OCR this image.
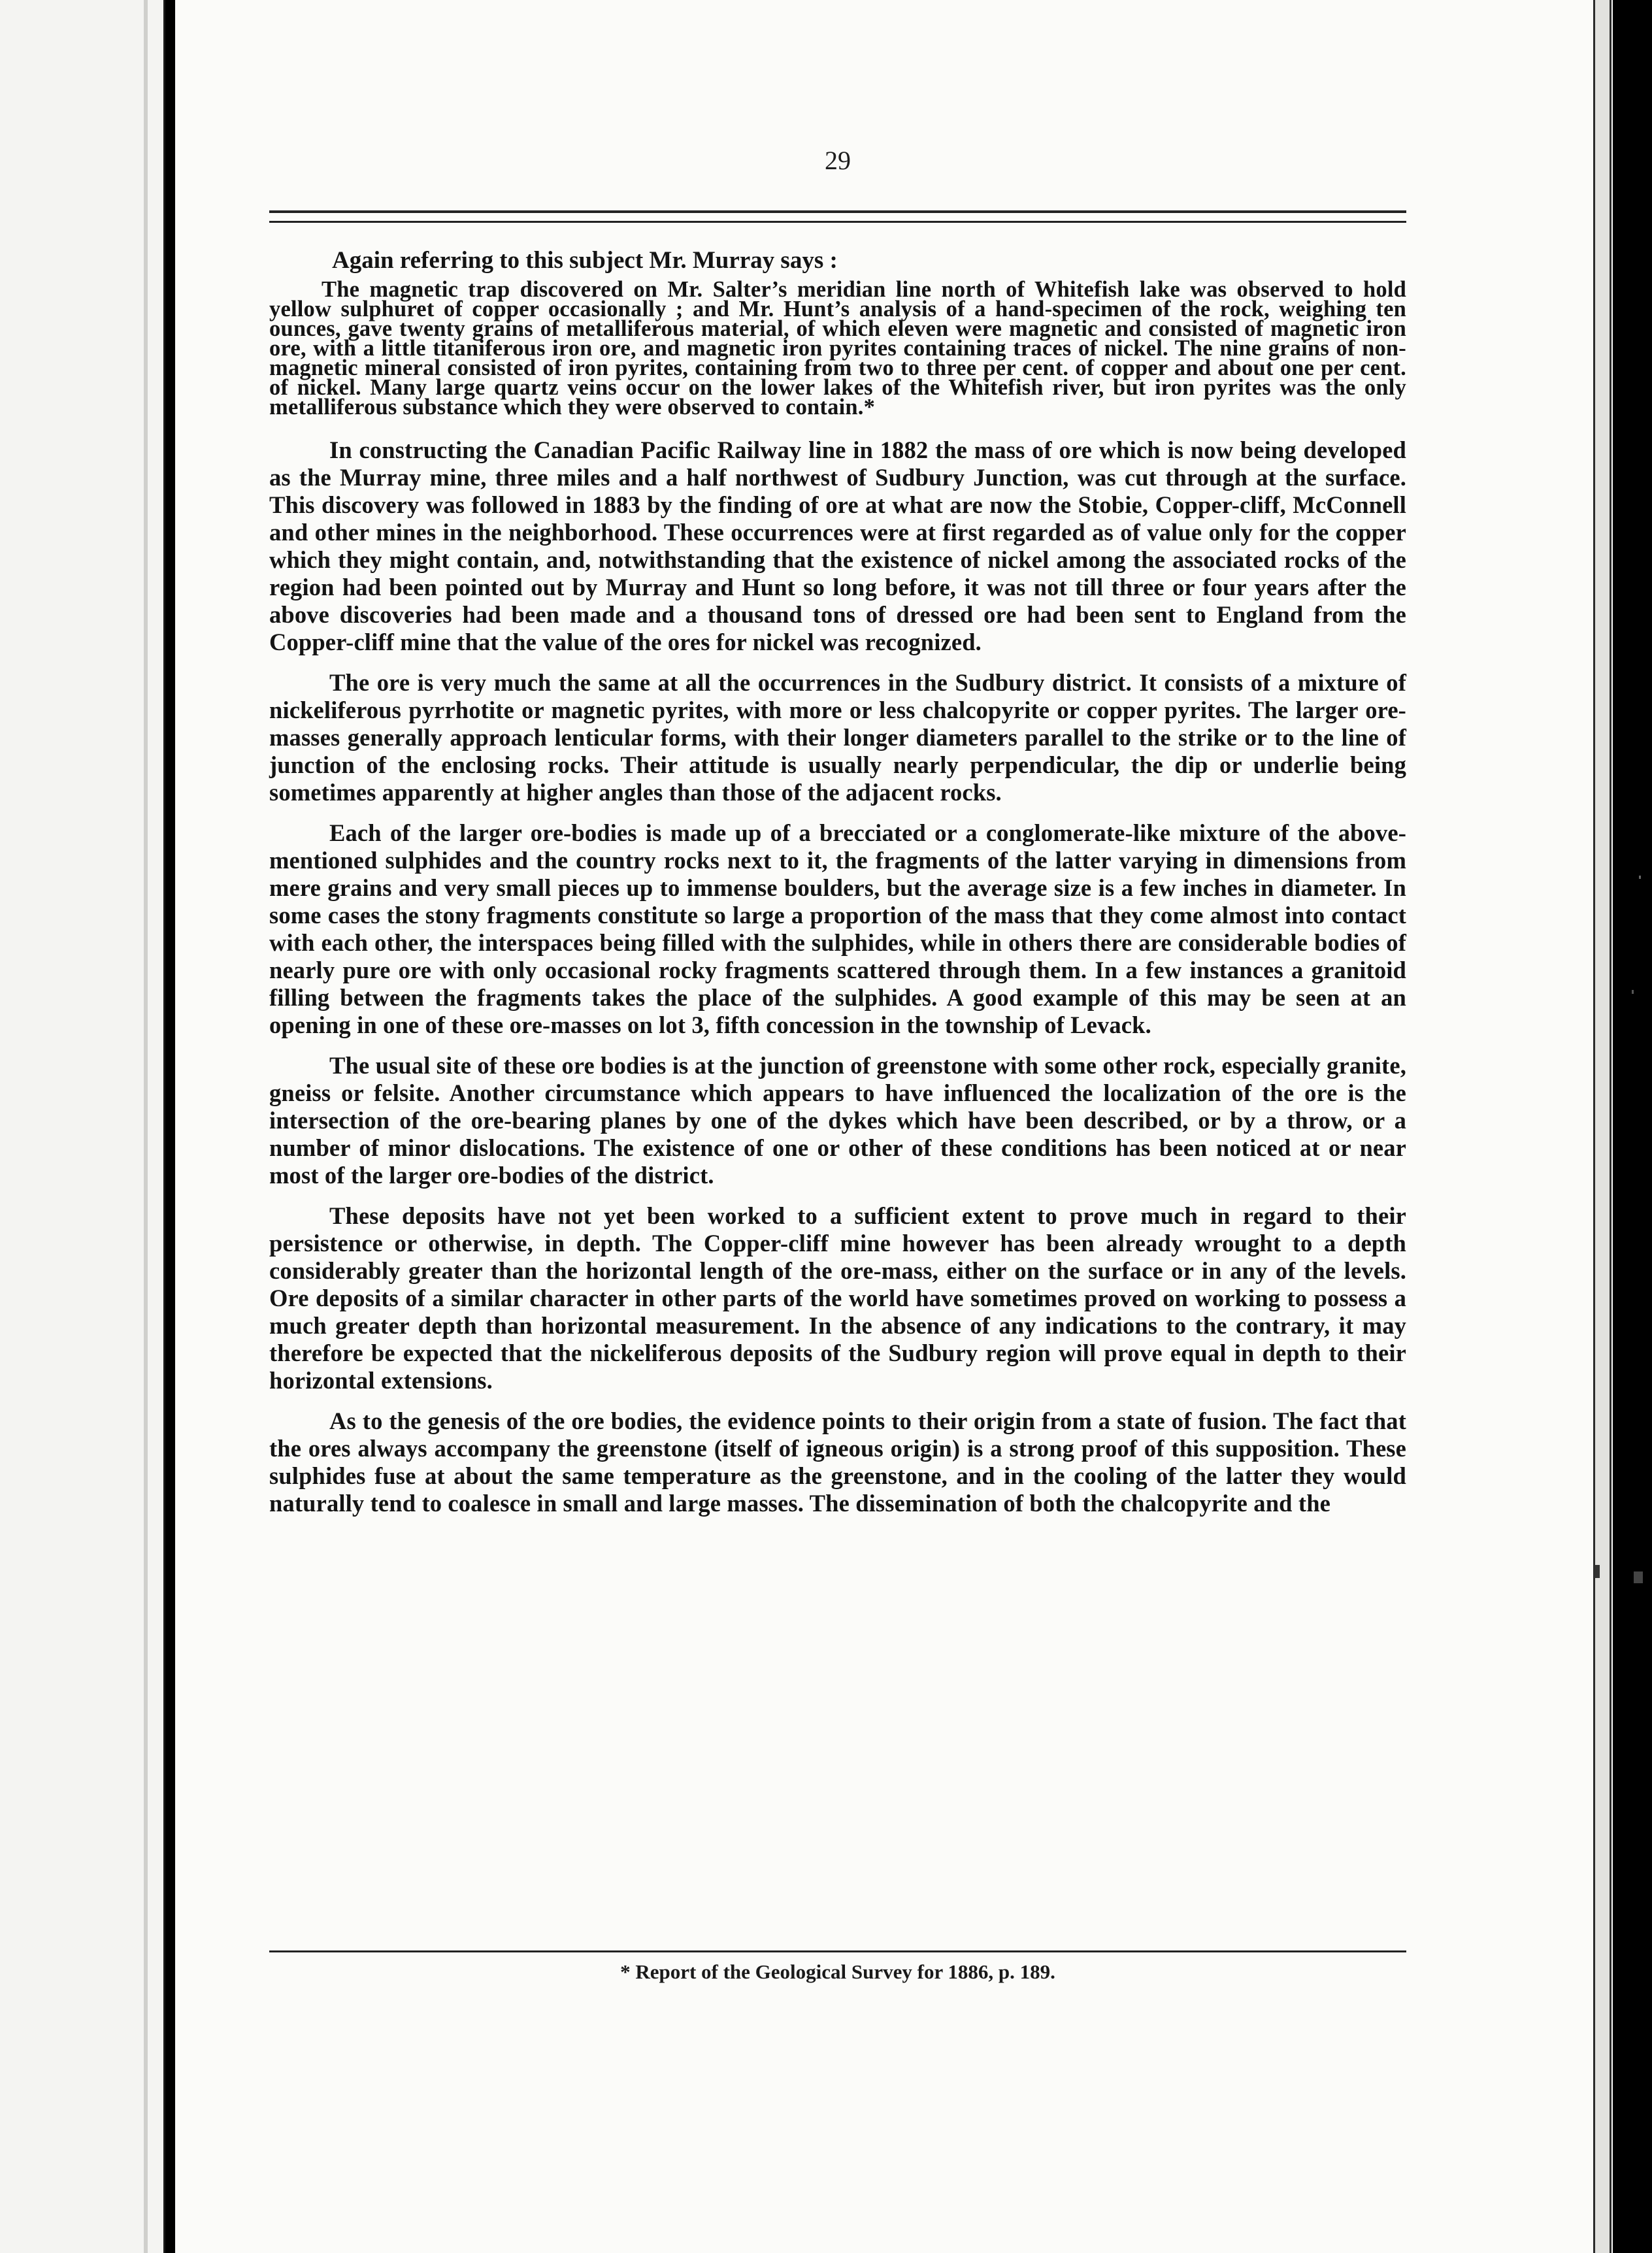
29

Again referring to this subject Mr. Murray says :

The magnetic trap discovered on Mr. Salter’s meridian line north of Whitefish lake was observed to hold yellow sulphuret of copper occasionally ; and Mr. Hunt’s analysis of a hand-specimen of the rock, weighing ten ounces, gave twenty grains of metalliferous material, of which eleven were magnetic and consisted of magnetic iron ore, with a little titaniferous iron ore, and magnetic iron pyrites containing traces of nickel. The nine grains of non-magnetic mineral consisted of iron pyrites, containing from two to three per cent. of copper and about one per cent. of nickel. Many large quartz veins occur on the lower lakes of the Whitefish river, but iron pyrites was the only metalliferous substance which they were observed to contain.*

In constructing the Canadian Pacific Railway line in 1882 the mass of ore which is now being developed as the Murray mine, three miles and a half northwest of Sudbury Junction, was cut through at the surface. This discovery was followed in 1883 by the finding of ore at what are now the Stobie, Copper-cliff, McConnell and other mines in the neighborhood. These occurrences were at first regarded as of value only for the copper which they might contain, and, notwithstanding that the existence of nickel among the associated rocks of the region had been pointed out by Murray and Hunt so long before, it was not till three or four years after the above discoveries had been made and a thousand tons of dressed ore had been sent to England from the Copper-cliff mine that the value of the ores for nickel was recognized.

The ore is very much the same at all the occurrences in the Sudbury district. It consists of a mixture of nickeliferous pyrrhotite or magnetic pyrites, with more or less chalcopyrite or copper pyrites. The larger ore-masses generally approach lenticular forms, with their longer diameters parallel to the strike or to the line of junction of the enclosing rocks. Their attitude is usually nearly perpendicular, the dip or underlie being sometimes apparently at higher angles than those of the adjacent rocks.

Each of the larger ore-bodies is made up of a brecciated or a conglomerate-like mixture of the above-mentioned sulphides and the country rocks next to it, the fragments of the latter varying in dimensions from mere grains and very small pieces up to immense boulders, but the average size is a few inches in diameter. In some cases the stony fragments constitute so large a proportion of the mass that they come almost into contact with each other, the interspaces being filled with the sulphides, while in others there are considerable bodies of nearly pure ore with only occasional rocky fragments scattered through them. In a few instances a granitoid filling between the fragments takes the place of the sulphides. A good example of this may be seen at an opening in one of these ore-masses on lot 3, fifth concession in the township of Levack.

The usual site of these ore bodies is at the junction of greenstone with some other rock, especially granite, gneiss or felsite. Another circumstance which appears to have influenced the localization of the ore is the intersection of the ore-bearing planes by one of the dykes which have been described, or by a throw, or a number of minor dislocations. The existence of one or other of these conditions has been noticed at or near most of the larger ore-bodies of the district.

These deposits have not yet been worked to a sufficient extent to prove much in regard to their persistence or otherwise, in depth. The Copper-cliff mine however has been already wrought to a depth considerably greater than the horizontal length of the ore-mass, either on the surface or in any of the levels. Ore deposits of a similar character in other parts of the world have sometimes proved on working to possess a much greater depth than horizontal measurement. In the absence of any indications to the contrary, it may therefore be expected that the nickeliferous deposits of the Sudbury region will prove equal in depth to their horizontal extensions.

As to the genesis of the ore bodies, the evidence points to their origin from a state of fusion. The fact that the ores always accompany the greenstone (itself of igneous origin) is a strong proof of this supposition. These sulphides fuse at about the same temperature as the greenstone, and in the cooling of the latter they would naturally tend to coalesce in small and large masses. The dissemination of both the chalcopyrite and the

* Report of the Geological Survey for 1886, p. 189.
